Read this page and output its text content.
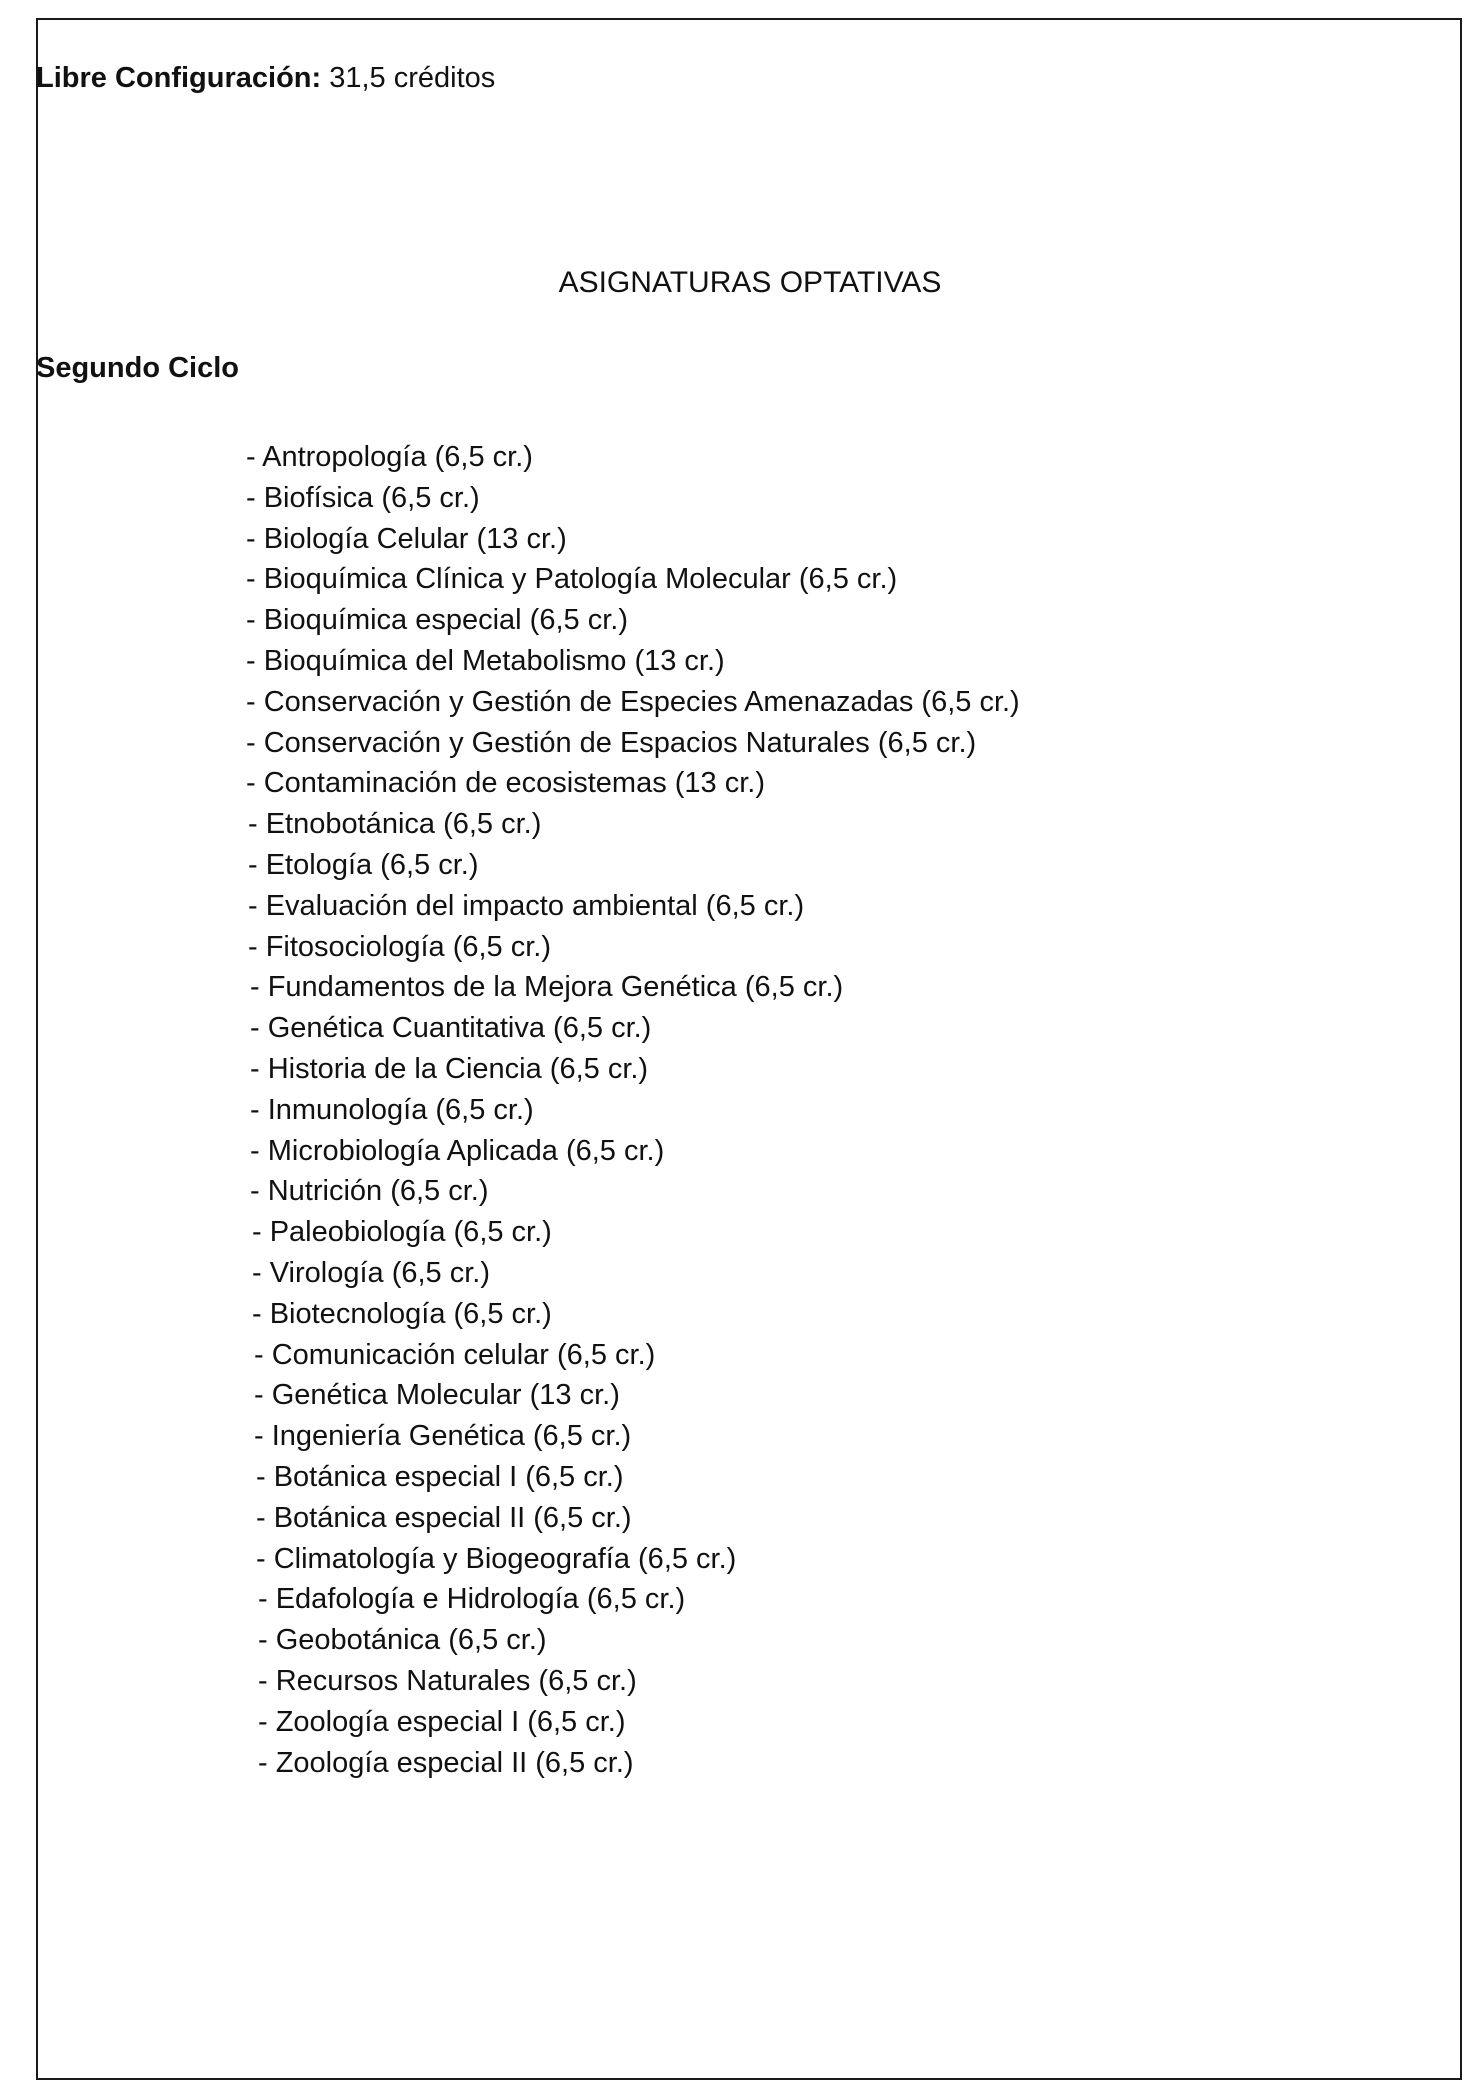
Libre Configuración: 31,5 créditos
ASIGNATURAS OPTATIVAS
Segundo Ciclo
- Antropología (6,5 cr.)
- Biofísica (6,5 cr.)
- Biología Celular (13 cr.)
- Bioquímica Clínica y Patología Molecular (6,5 cr.)
- Bioquímica especial (6,5 cr.)
- Bioquímica del Metabolismo (13 cr.)
- Conservación y Gestión de Especies Amenazadas (6,5 cr.)
- Conservación y Gestión de Espacios Naturales (6,5 cr.)
- Contaminación de ecosistemas (13 cr.)
- Etnobotánica (6,5 cr.)
- Etología (6,5 cr.)
- Evaluación del impacto ambiental (6,5 cr.)
- Fitosociología (6,5 cr.)
- Fundamentos de la Mejora Genética (6,5 cr.)
- Genética Cuantitativa (6,5 cr.)
- Historia de la Ciencia (6,5 cr.)
- Inmunología (6,5 cr.)
- Microbiología Aplicada (6,5 cr.)
- Nutrición (6,5 cr.)
- Paleobiología (6,5 cr.)
- Virología (6,5 cr.)
- Biotecnología (6,5 cr.)
- Comunicación celular (6,5 cr.)
- Genética Molecular (13 cr.)
- Ingeniería Genética (6,5 cr.)
- Botánica especial I (6,5 cr.)
- Botánica especial II (6,5 cr.)
- Climatología y Biogeografía (6,5 cr.)
- Edafología e Hidrología (6,5 cr.)
- Geobotánica (6,5 cr.)
- Recursos Naturales (6,5 cr.)
- Zoología especial I (6,5 cr.)
- Zoología especial II (6,5 cr.)
